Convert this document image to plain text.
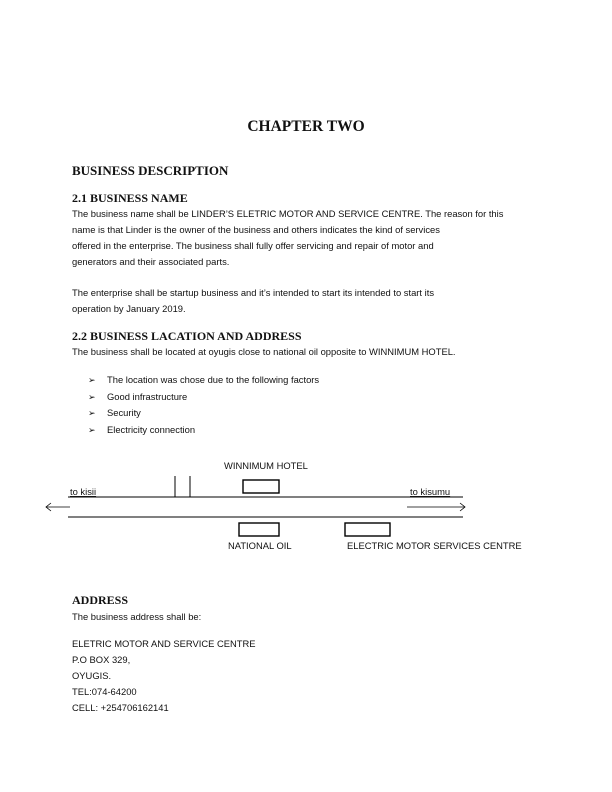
CHAPTER TWO
BUSINESS DESCRIPTION
2.1 BUSINESS NAME
The business name shall be LINDER’S ELETRIC MOTOR AND SERVICE CENTRE. The reason for this
name is that Linder is the owner of the business and others indicates the kind of services
offered in the enterprise. The business shall fully offer servicing and repair of motor and
generators and their associated parts.
The enterprise shall be startup business and it’s intended to start its intended to start its
operation by January 2019.
2.2 BUSINESS LACATION AND ADDRESS
The business shall be located at oyugis close to national oil opposite to WINNIMUM HOTEL.
➢ The location was chose due to the following factors
➢ Good infrastructure
➢ Security
➢ Electricity connection
WINNIMUM HOTEL
to kisii	to kisumu
NATIONAL OIL	ELECTRIC MOTOR SERVICES CENTRE
ADDRESS
The business address shall be:
ELETRIC MOTOR AND SERVICE CENTRE
P.O BOX 329,
OYUGIS.
TEL:074-64200
CELL: +254706162141
